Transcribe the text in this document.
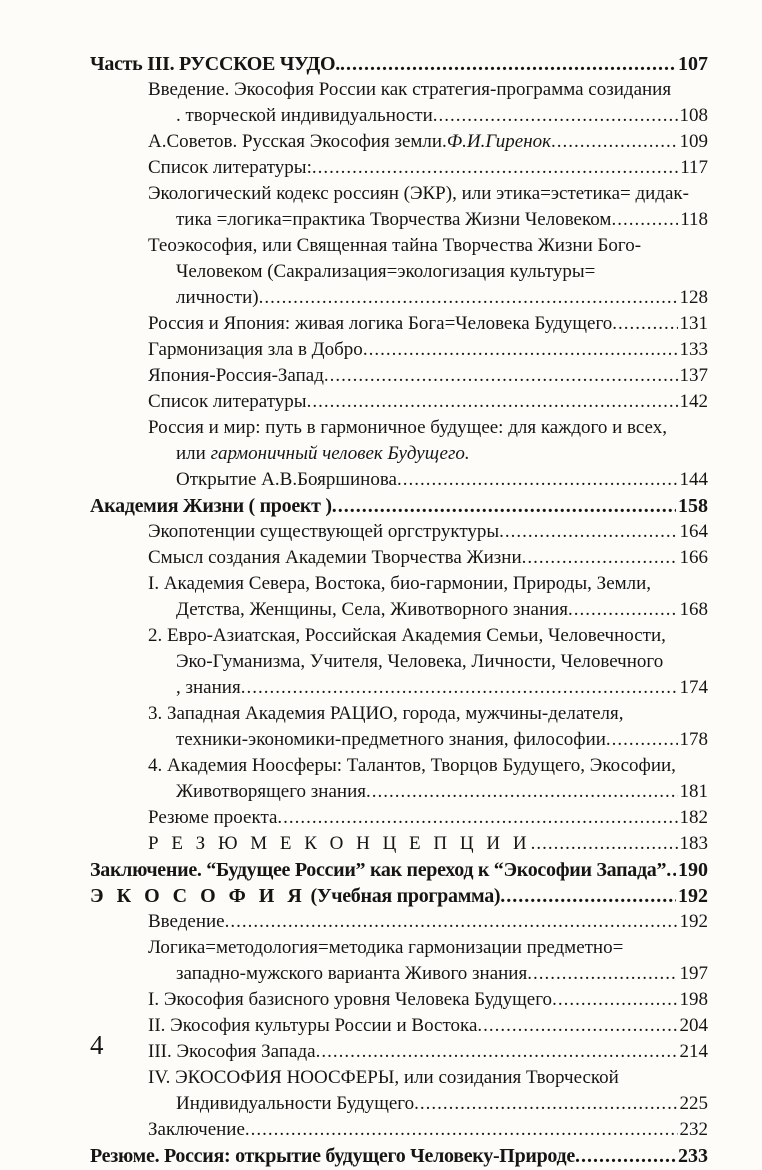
Часть III. РУССКОЕ ЧУДО. .....	107
Введение. Экософия России как стратегия-программа созидания
. творческой индивидуальности .....	108
А.Советов. Русская Экософия земли.Ф.И.Гиренок .....	109
Список литературы: .....	117
Экологический кодекс россиян (ЭКР), или этика=эстетика= дидак-
тика =логика=практика Творчества Жизни Человеком .....	118
Теоэкософия, или Священная тайна Творчества Жизни Бого-
Человеком (Сакрализация=экологизация культуры=
личности) .....	128
Россия и Япония: живая логика Бога=Человека Будущего .....	131
Гармонизация зла в Добро .....	133
Япония-Россия-Запад .....	137
Список литературы .....	142
Россия и мир: путь в гармоничное будущее: для каждого и всех,
или гармоничный человек Будущего.
Открытие А.В.Бояршинова .....	144
Академия Жизни ( проект ) .....	158
Экопотенции существующей оргструктуры .....	164
Смысл создания Академии Творчества Жизни .....	166
I. Академия Севера, Востока, био-гармонии, Природы, Земли,
Детства, Женщины, Села, Животворного знания .....	168
2. Евро-Азиатская, Российская Академия Семьи, Человечности,
Эко-Гуманизма, Учителя, Человека, Личности, Человечного
, знания .....	174
3. Западная Академия РАЦИО, города, мужчины-делателя,
техники-экономики-предметного знания, философии .....	178
4. Академия Ноосферы: Талантов, Творцов Будущего, Экософии,
Животворящего знания .....	181
Резюме проекта .....	182
Р Е З Ю М Е К О Н Ц Е П Ц И И .....	183
Заключение. “Будущее России” как переход к “Экософии Запада” ..... 190
Э К О С О Ф И Я (Учебная программа) .....	192
Введение .....	192
Логика=методология=методика гармонизации предметно=
западно-мужского варианта Живого знания .....	197
I. Экософия базисного уровня Человека Будущего .....	198
II. Экософия культуры России и Востока .....	204
III. Экософия Запада .....	214
IV. ЭКОСОФИЯ НООСФЕРЫ, или созидания Творческой
Индивидуальности Будущего .....	225
Заключение .....	232
Резюме. Россия: открытие будущего Человеку-Природе .....	233
4
